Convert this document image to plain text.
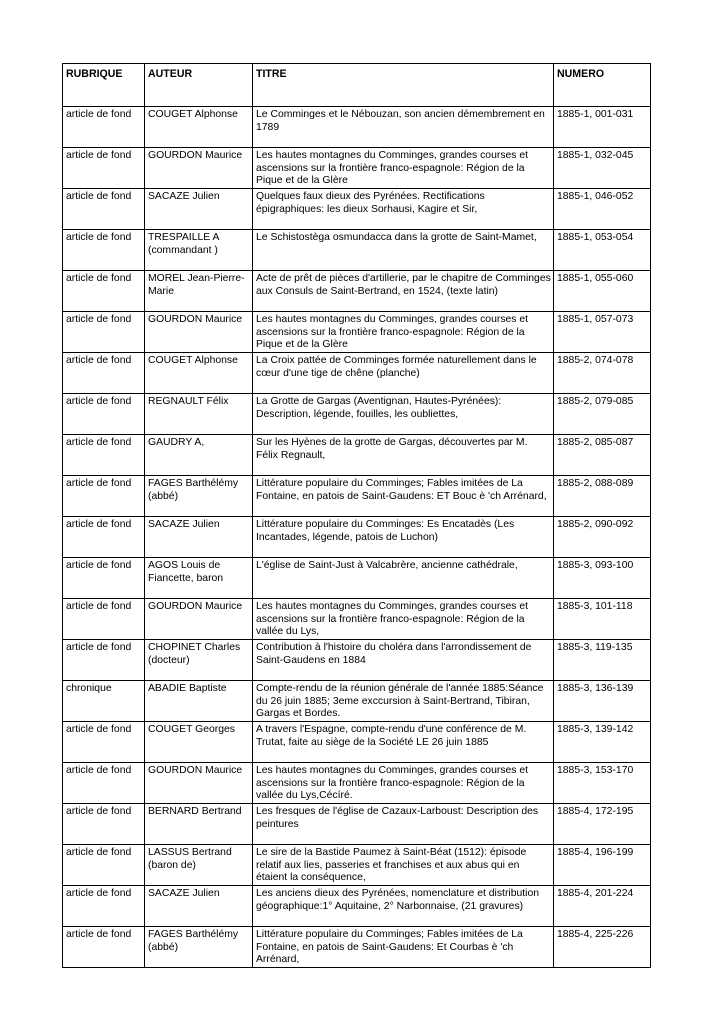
RUBRIQUE	AUTEUR	TITRE	NUMERO
article de fond	COUGET Alphonse	Le Comminges et le Nébouzan, son ancien démembrement en 1789	1885-1, 001-031
article de fond	GOURDON Maurice	Les hautes montagnes du Comminges, grandes courses et ascensions sur la frontière franco-espagnole: Région de la Pique et de la Glère	1885-1, 032-045
article de fond	SACAZE Julien	Quelques faux dieux des Pyrénées. Rectifications épigraphiques: les dieux Sorhausi, Kagire et Sir,	1885-1, 046-052
article de fond	TRESPAILLE A (commandant )	Le Schistostèga osmundacca dans la grotte de Saint-Mamet,	1885-1, 053-054
article de fond	MOREL Jean-Pierre-Marie	Acte de prêt de pièces d'artillerie, par le chapitre de Comminges aux Consuls de Saint-Bertrand, en 1524, (texte latin)	1885-1, 055-060
article de fond	GOURDON Maurice	Les hautes montagnes du Comminges, grandes courses et ascensions sur la frontière franco-espagnole: Région de la Pique et de la Glère	1885-1, 057-073
article de fond	COUGET Alphonse	La Croix pattée de Comminges formée naturellement dans le cœur d'une tige de chêne (planche)	1885-2, 074-078
article de fond	REGNAULT Félix	La Grotte de Gargas (Aventignan, Hautes-Pyrénées): Description, légende, fouilles, les oubliettes,	1885-2, 079-085
article de fond	GAUDRY A,	Sur les Hyènes de la grotte de Gargas, découvertes par M. Félix Regnault,	1885-2, 085-087
article de fond	FAGES Barthélémy (abbé)	Littérature populaire du Comminges; Fables imitées de La Fontaine, en patois de Saint-Gaudens: ET Bouc è 'ch Arrénard,	1885-2, 088-089
article de fond	SACAZE Julien	Littérature populaire du Comminges: Es Encatadès (Les Incantades, légende, patois de Luchon)	1885-2, 090-092
article de fond	AGOS Louis de Fiancette, baron	L'église de Saint-Just à Valcabrère, ancienne cathédrale,	1885-3, 093-100
article de fond	GOURDON Maurice	Les hautes montagnes du Comminges, grandes courses et ascensions sur la frontière franco-espagnole: Région de la vallée du Lys,	1885-3, 101-118
article de fond	CHOPINET Charles (docteur)	Contribution à l'histoire du choléra dans l'arrondissement de Saint-Gaudens en 1884	1885-3, 119-135
chronique	ABADIE Baptiste	Compte-rendu de la réunion générale de l'année 1885:Séance du 26 juin 1885; 3eme exccursion à Saint-Bertrand, Tibiran, Gargas et Bordes.	1885-3, 136-139
article de fond	COUGET Georges	A travers l'Espagne, compte-rendu d'une conférence de M. Trutat, faite au siège de la Société LE 26 juin 1885	1885-3, 139-142
article de fond	GOURDON Maurice	Les hautes montagnes du Comminges, grandes courses et ascensions sur la frontière franco-espagnole: Région de la vallée du Lys,Cécíré.	1885-3, 153-170
article de fond	BERNARD Bertrand	Les fresques de l'église de Cazaux-Larboust: Description des peintures	1885-4, 172-195
article de fond	LASSUS Bertrand (baron de)	Le sire de la Bastide Paumez à Saint-Béat (1512): épisode relatif aux lies, passeries et franchises et aux abus qui en étaient la conséquence,	1885-4, 196-199
article de fond	SACAZE Julien	Les anciens dieux des Pyrénées, nomenclature et distribution géographique:1° Aquitaine, 2° Narbonnaise, (21 gravures)	1885-4, 201-224
article de fond	FAGES Barthélémy (abbé)	Littérature populaire du Comminges; Fables imitées de La Fontaine, en patois de Saint-Gaudens: Et Courbas è 'ch Arrénard,	1885-4, 225-226
